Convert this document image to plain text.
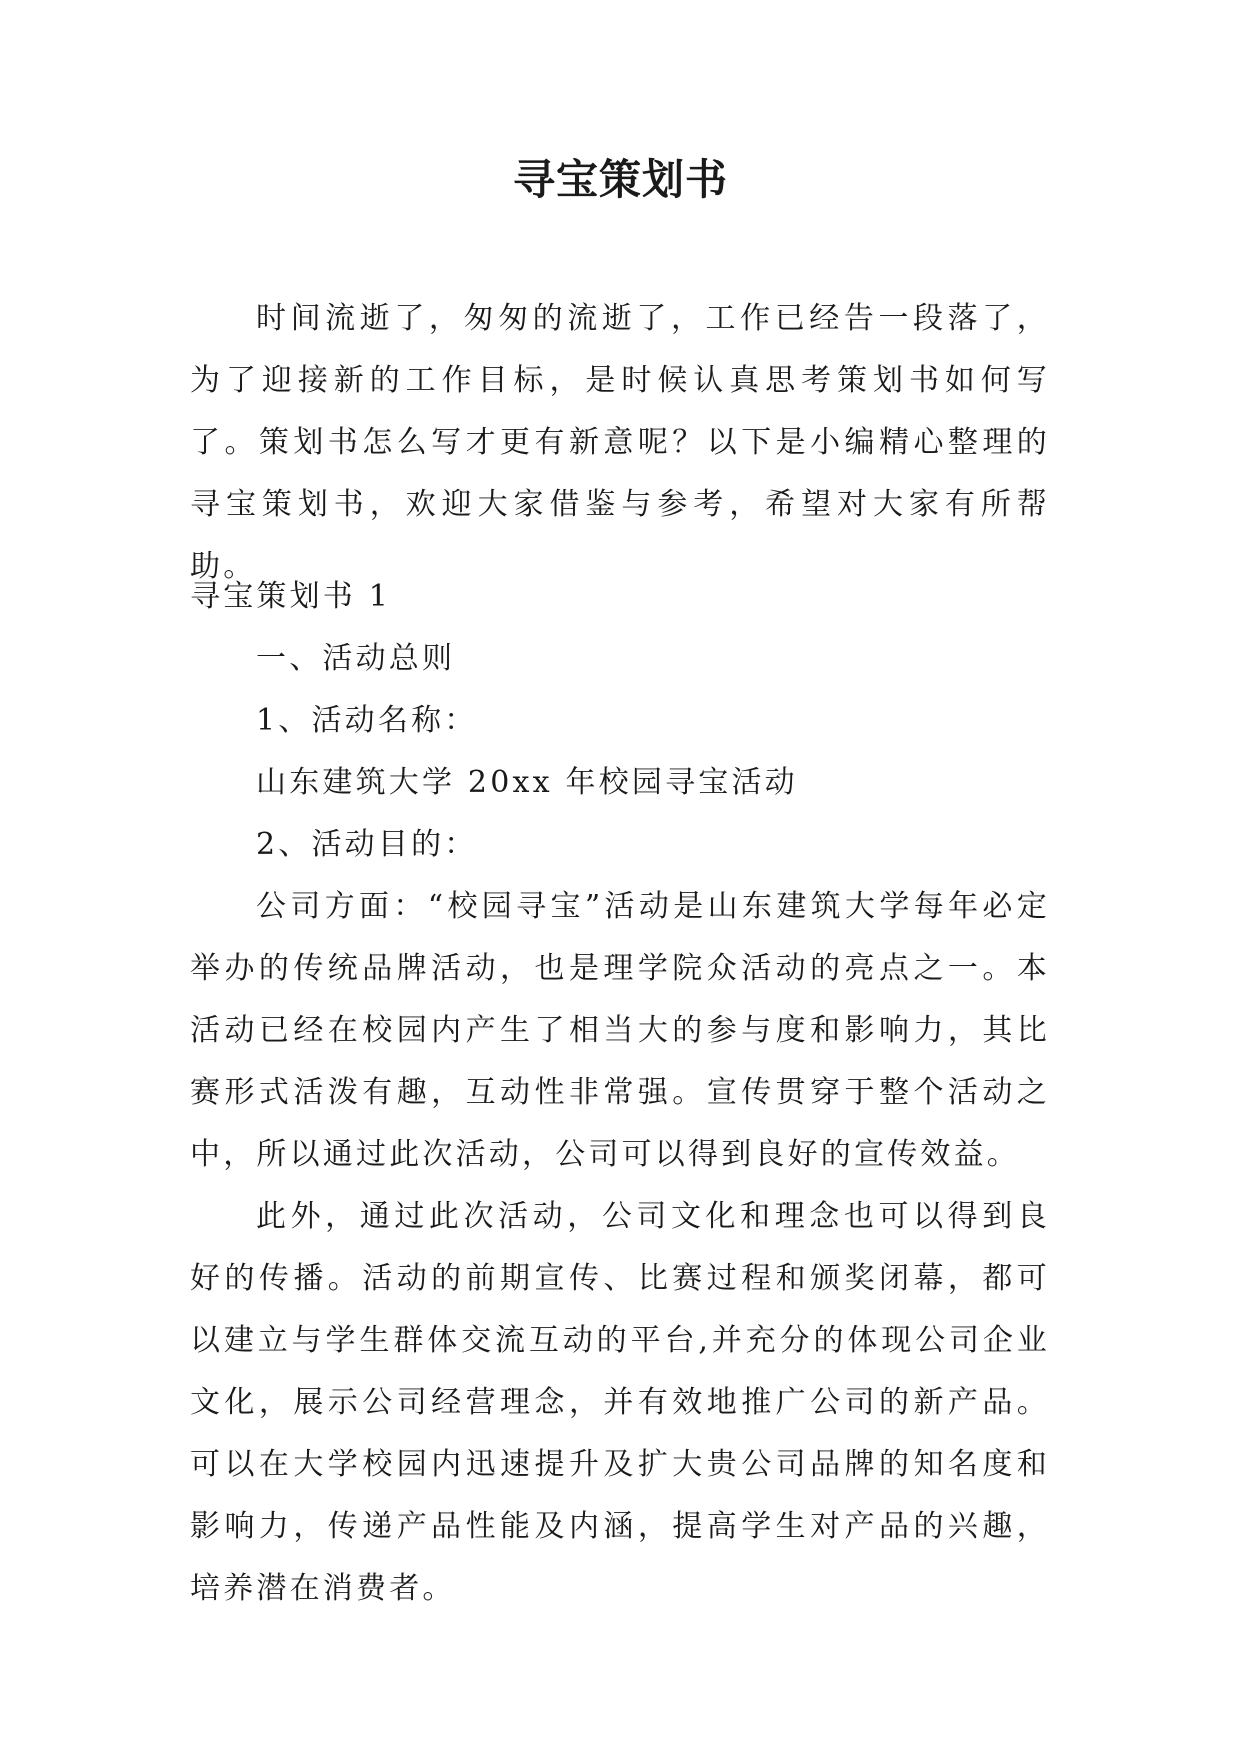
寻宝策划书

时间流逝了，匆匆的流逝了，工作已经告一段落了，为了迎接新的工作目标，是时候认真思考策划书如何写了。策划书怎么写才更有新意呢？以下是小编精心整理的寻宝策划书，欢迎大家借鉴与参考，希望对大家有所帮助。

寻宝策划书 1

一、活动总则

1、活动名称：

山东建筑大学 20xx 年校园寻宝活动

2、活动目的：

公司方面：“校园寻宝”活动是山东建筑大学每年必定举办的传统品牌活动，也是理学院众活动的亮点之一。本活动已经在校园内产生了相当大的参与度和影响力，其比赛形式活泼有趣，互动性非常强。宣传贯穿于整个活动之中，所以通过此次活动，公司可以得到良好的宣传效益。

此外，通过此次活动，公司文化和理念也可以得到良好的传播。活动的前期宣传、比赛过程和颁奖闭幕，都可以建立与学生群体交流互动的平台,并充分的体现公司企业文化，展示公司经营理念，并有效地推广公司的新产品。可以在大学校园内迅速提升及扩大贵公司品牌的知名度和影响力，传递产品性能及内涵，提高学生对产品的兴趣，培养潜在消费者。
